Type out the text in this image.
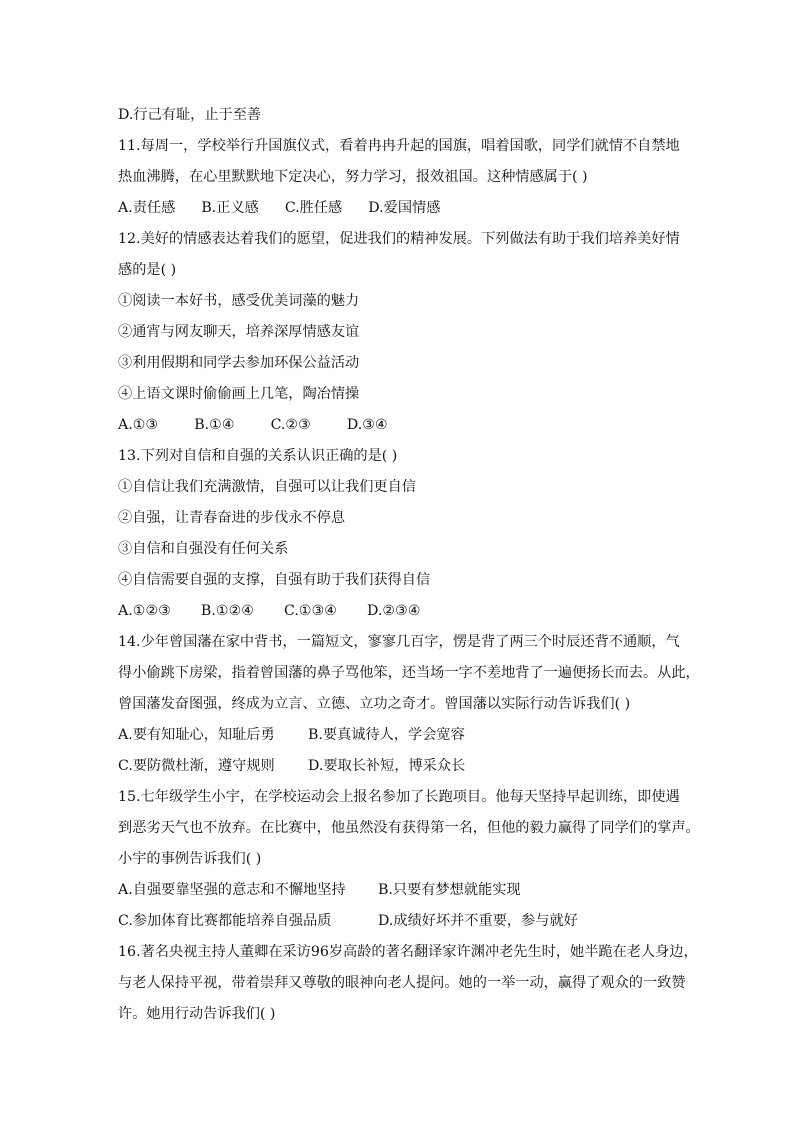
D.行己有耻，止于至善
11.每周一，学校举行升国旗仪式，看着冉冉升起的国旗，唱着国歌，同学们就情不自禁地
热血沸腾，在心里默默地下定决心，努力学习，报效祖国。这种情感属于( )
A.责任感 B.正义感 C.胜任感 D.爱国情感
12.美好的情感表达着我们的愿望，促进我们的精神发展。下列做法有助于我们培养美好情
感的是( )
①阅读一本好书，感受优美词藻的魅力
②通宵与网友聊天，培养深厚情感友谊
③利用假期和同学去参加环保公益活动
④上语文课时偷偷画上几笔，陶冶情操
A.①③	B.①④	C.②③	D.③④
13.下列对自信和自强的关系认识正确的是( )
①自信让我们充满激情，自强可以让我们更自信
②自强，让青春奋进的步伐永不停息
③自信和自强没有任何关系
④自信需要自强的支撑，自强有助于我们获得自信
A.①②③ B.①②④ C.①③④ D.②③④
14.少年曾国藩在家中背书，一篇短文，寥寥几百字，愣是背了两三个时辰还背不通顺，气
得小偷跳下房梁，指着曾国藩的鼻子骂他笨，还当场一字不差地背了一遍便扬长而去。从此，
曾国藩发奋图强，终成为立言、立德、立功之奇才。曾国藩以实际行动告诉我们( )
A.要有知耻心，知耻后勇	B.要真诚待人，学会宽容
C.要防微杜渐，遵守规则	D.要取长补短，博采众长
15.七年级学生小宇，在学校运动会上报名参加了长跑项目。他每天坚持早起训练，即使遇
到恶劣天气也不放弃。在比赛中，他虽然没有获得第一名，但他的毅力赢得了同学们的掌声。
小宇的事例告诉我们( )
A.自强要靠坚强的意志和不懈地坚持	B.只要有梦想就能实现
C.参加体育比赛都能培养自强品质	D.成绩好坏并不重要，参与就好
16.著名央视主持人董卿在采访96岁高龄的著名翻译家许渊冲老先生时，她半跪在老人身边，
与老人保持平视，带着崇拜又尊敬的眼神向老人提问。她的一举一动，赢得了观众的一致赞
许。她用行动告诉我们( )
